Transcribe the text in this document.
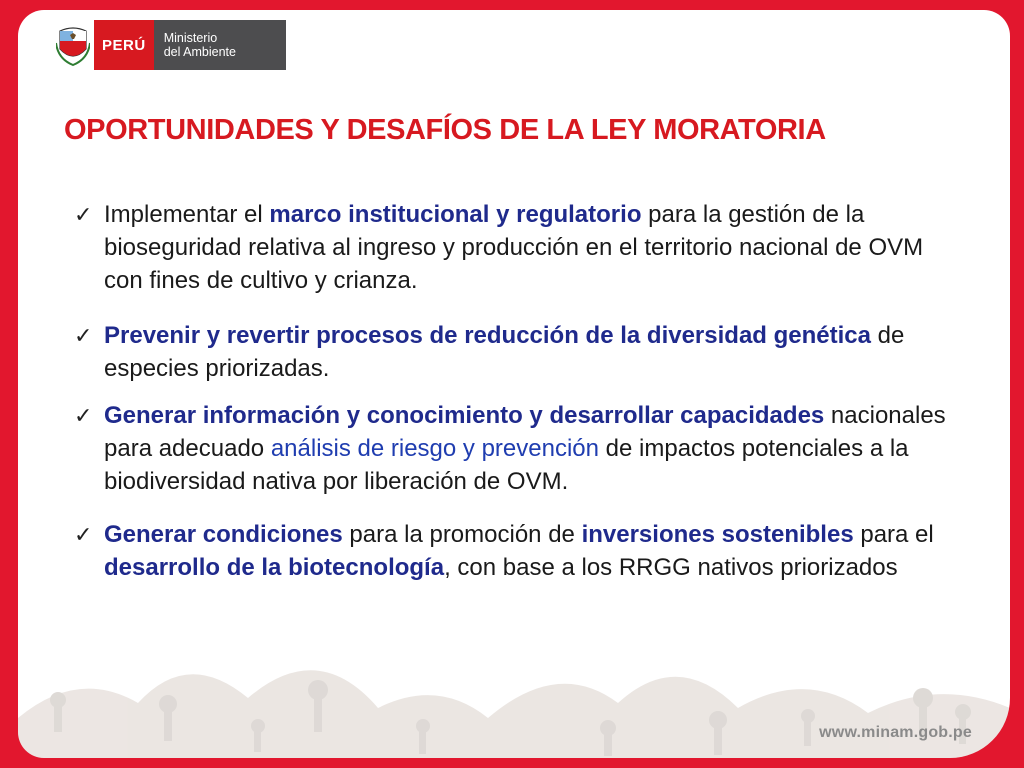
PERÚ	Ministerio
del Ambiente
OPORTUNIDADES Y DESAFÍOS DE LA LEY MORATORIA
✓ Implementar el marco institucional y regulatorio para la gestión de la bioseguridad relativa al ingreso y producción en el territorio nacional de OVM con fines de cultivo y crianza.
✓ Prevenir y revertir procesos de reducción de la diversidad genética de especies priorizadas.
✓ Generar información y conocimiento y desarrollar capacidades nacionales para adecuado análisis de riesgo y prevención de impactos potenciales a la biodiversidad nativa por liberación de OVM.
✓ Generar condiciones para la promoción de inversiones sostenibles para el desarrollo de la biotecnología, con base a los RRGG nativos priorizados
www.minam.gob.pe
